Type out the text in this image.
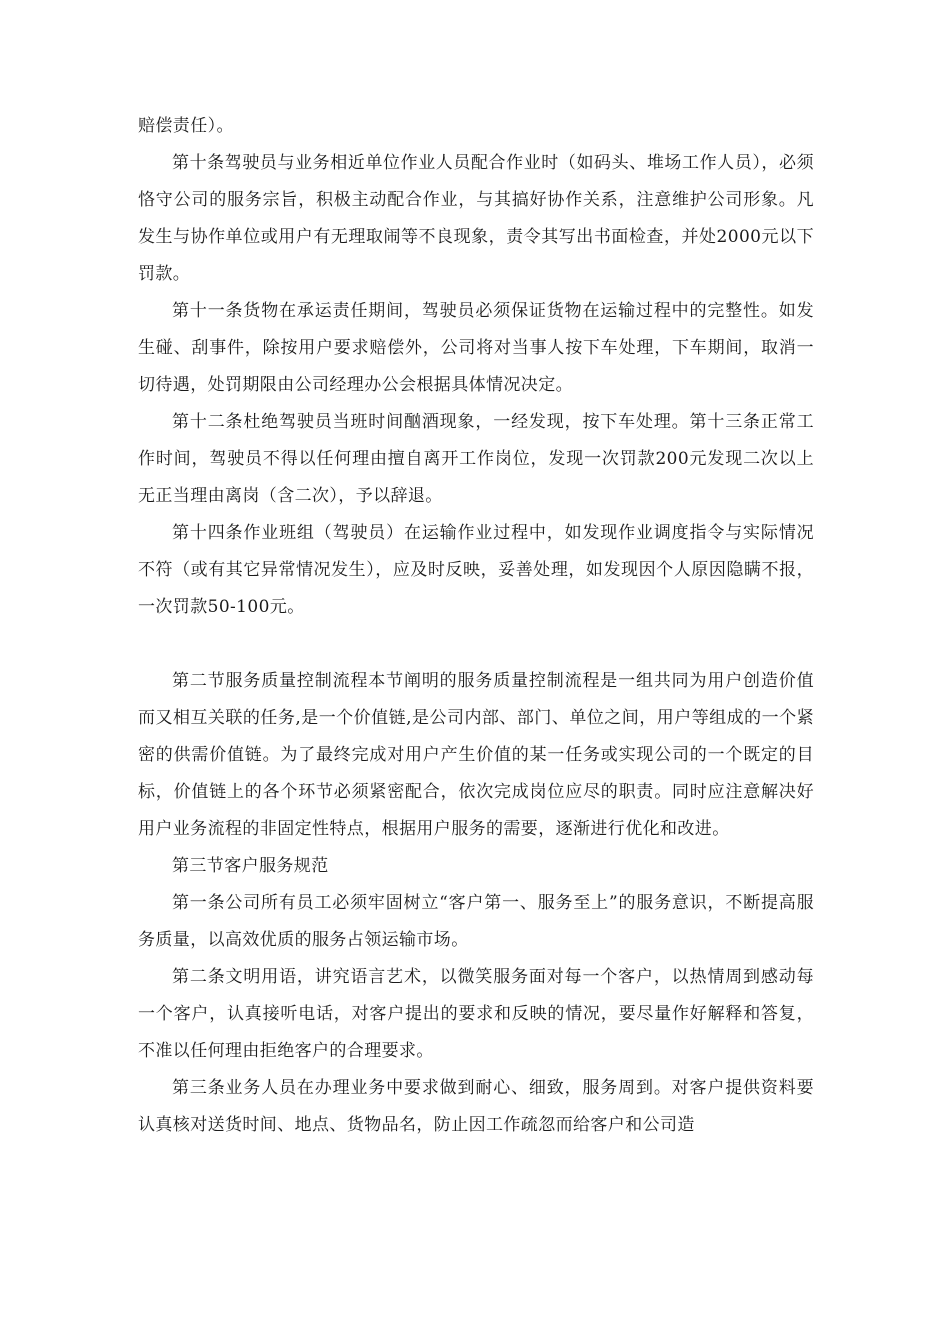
赔偿责任）。

第十条驾驶员与业务相近单位作业人员配合作业时（如码头、堆场工作人员），必须恪守公司的服务宗旨，积极主动配合作业，与其搞好协作关系，注意维护公司形象。凡发生与协作单位或用户有无理取闹等不良现象，责令其写出书面检查，并处2000元以下罚款。

第十一条货物在承运责任期间，驾驶员必须保证货物在运输过程中的完整性。如发生碰、刮事件，除按用户要求赔偿外，公司将对当事人按下车处理，下车期间，取消一切待遇，处罚期限由公司经理办公会根据具体情况决定。

第十二条杜绝驾驶员当班时间酗酒现象，一经发现，按下车处理。第十三条正常工作时间，驾驶员不得以任何理由擅自离开工作岗位，发现一次罚款200元发现二次以上无正当理由离岗（含二次），予以辞退。

第十四条作业班组（驾驶员）在运输作业过程中，如发现作业调度指令与实际情况不符（或有其它异常情况发生），应及时反映，妥善处理，如发现因个人原因隐瞒不报，一次罚款50-100元。

第二节服务质量控制流程本节阐明的服务质量控制流程是一组共同为用户创造价值而又相互关联的任务,是一个价值链,是公司内部、部门、单位之间，用户等组成的一个紧密的供需价值链。为了最终完成对用户产生价值的某一任务或实现公司的一个既定的目标，价值链上的各个环节必须紧密配合，依次完成岗位应尽的职责。同时应注意解决好用户业务流程的非固定性特点，根据用户服务的需要，逐渐进行优化和改进。

第三节客户服务规范

第一条公司所有员工必须牢固树立“客户第一、服务至上”的服务意识，不断提高服务质量，以高效优质的服务占领运输市场。

第二条文明用语，讲究语言艺术，以微笑服务面对每一个客户，以热情周到感动每一个客户，认真接听电话，对客户提出的要求和反映的情况，要尽量作好解释和答复，不准以任何理由拒绝客户的合理要求。

第三条业务人员在办理业务中要求做到耐心、细致，服务周到。对客户提供资料要认真核对送货时间、地点、货物品名，防止因工作疏忽而给客户和公司造
